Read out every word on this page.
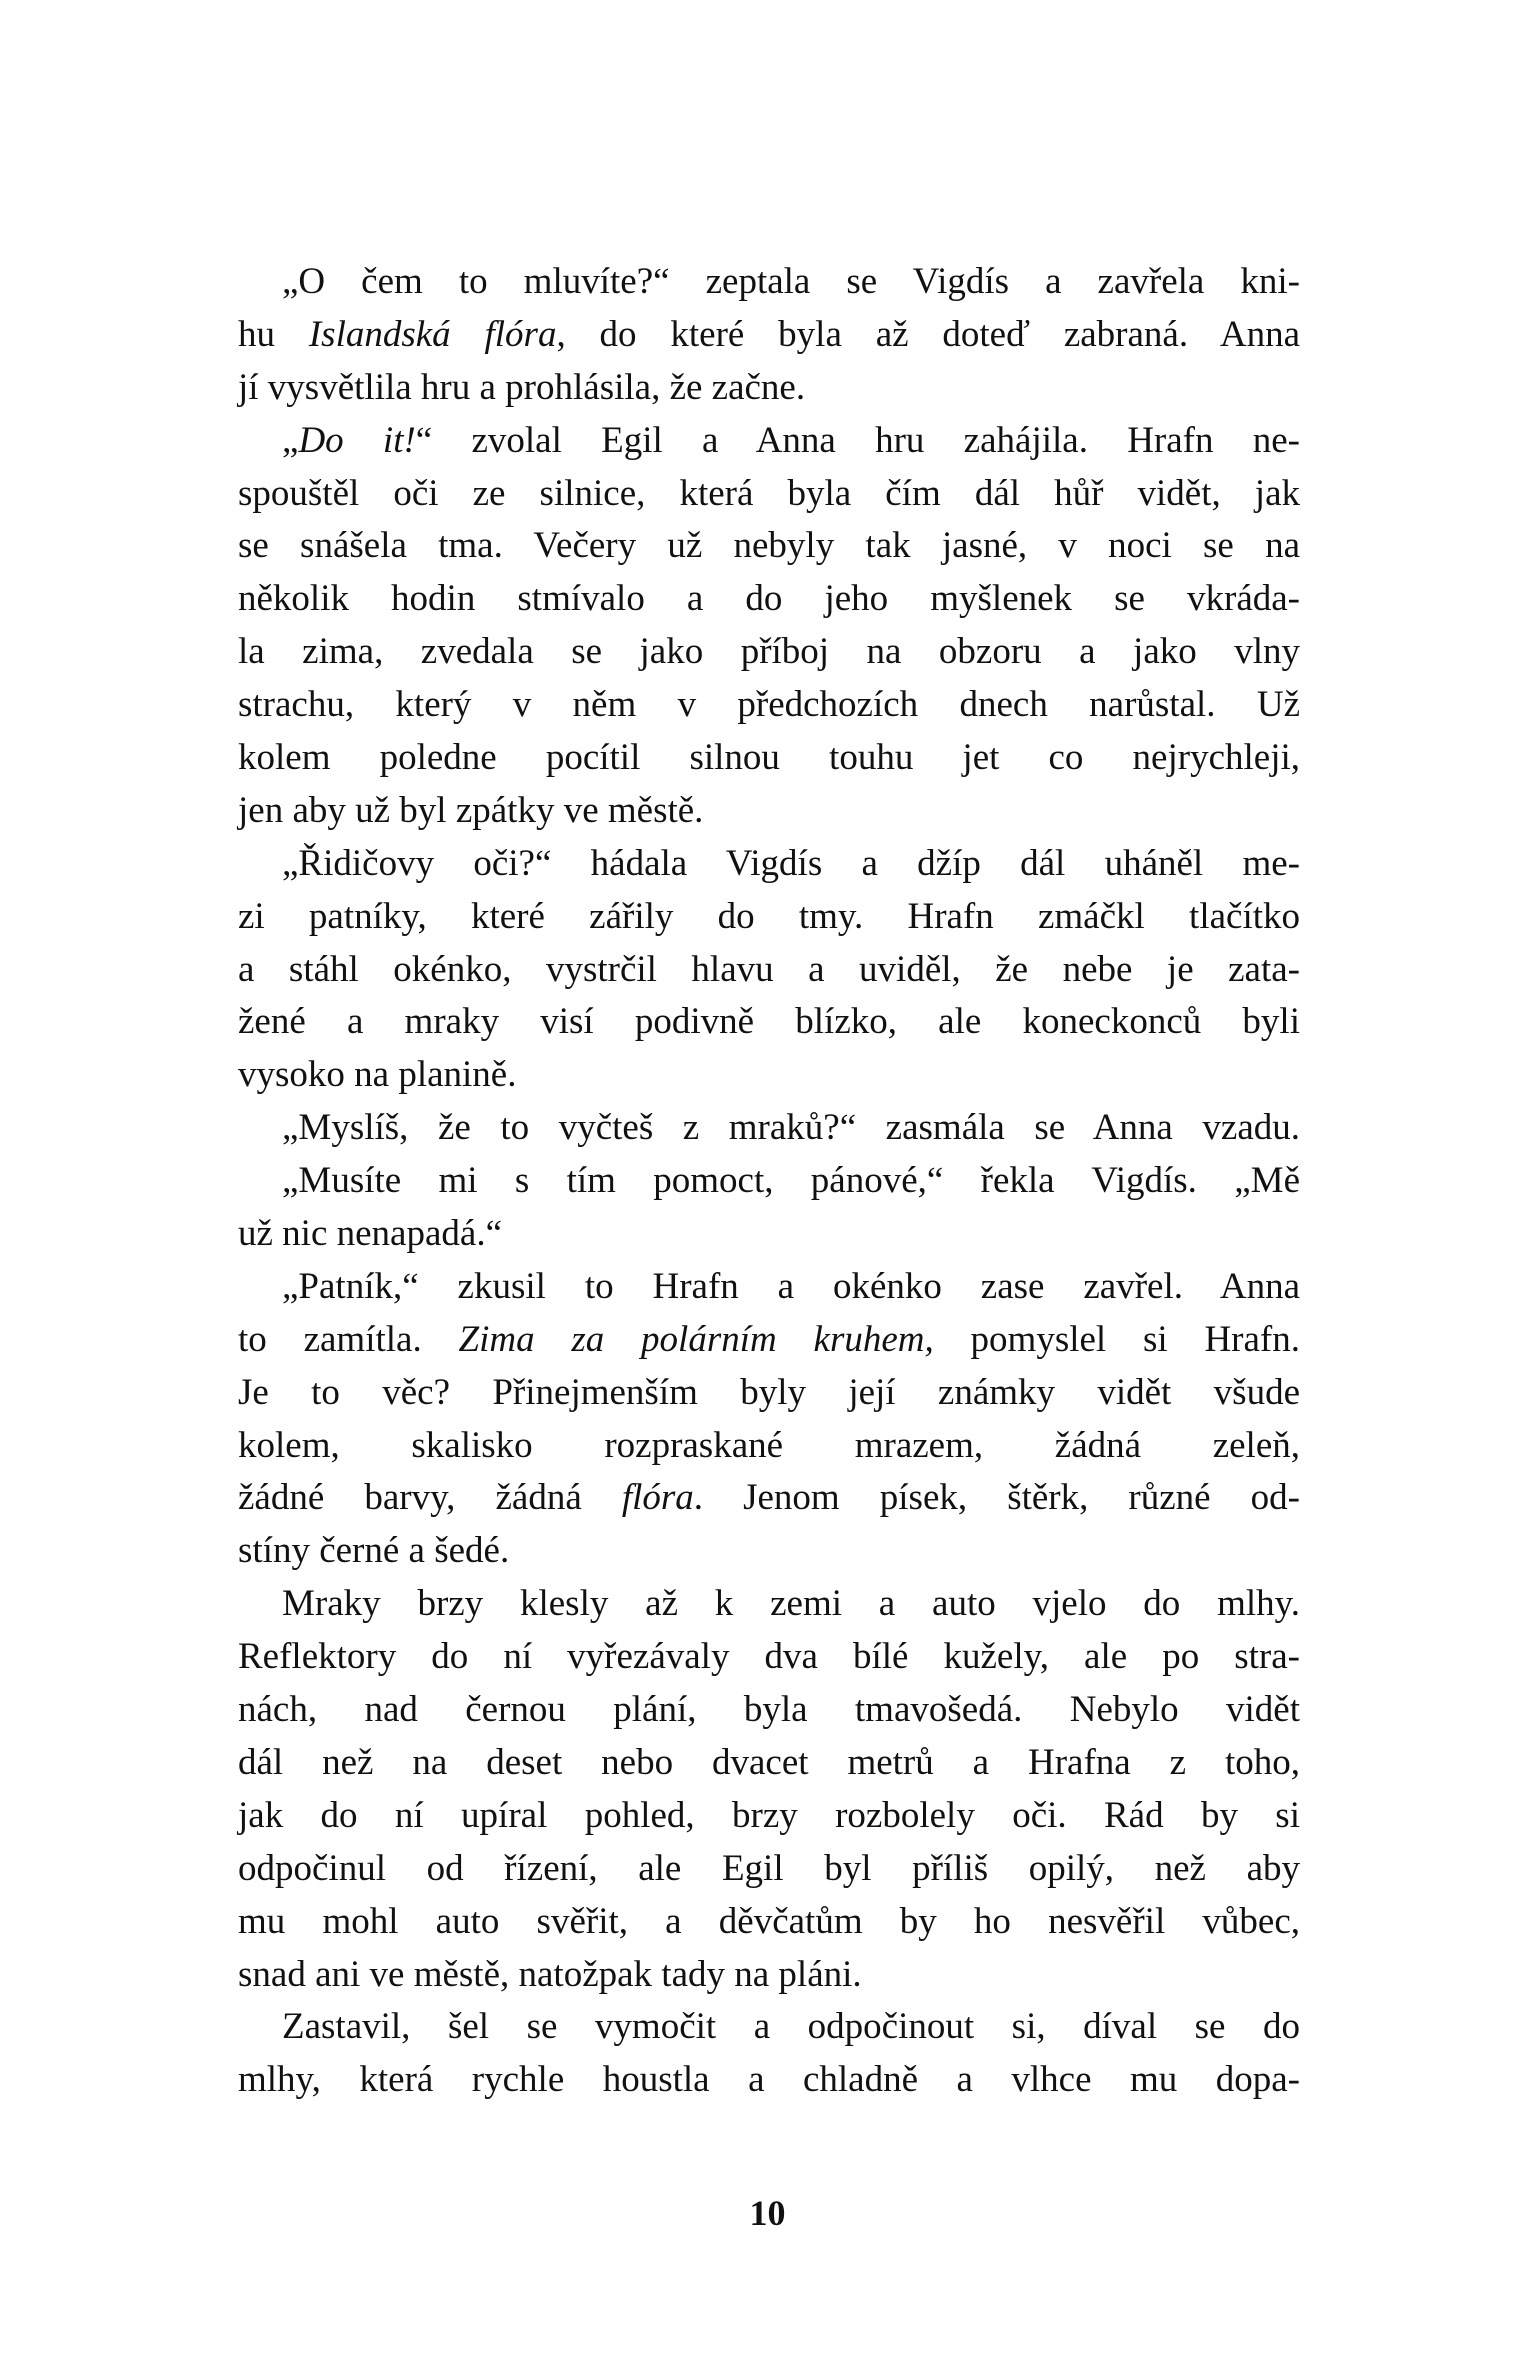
„O čem to mluvíte?“ zeptala se Vigdís a zavřela kni-
hu Islandská flóra, do které byla až doteď zabraná. Anna
jí vysvětlila hru a prohlásila, že začne.
„Do it!“ zvolal Egil a Anna hru zahájila. Hrafn ne-
spouštěl oči ze silnice, která byla čím dál hůř vidět, jak
se snášela tma. Večery už nebyly tak jasné, v noci se na
několik hodin stmívalo a do jeho myšlenek se vkráda-
la zima, zvedala se jako příboj na obzoru a jako vlny
strachu, který v něm v předchozích dnech narůstal. Už
kolem poledne pocítil silnou touhu jet co nejrychleji,
jen aby už byl zpátky ve městě.
„Řidičovy oči?“ hádala Vigdís a džíp dál uháněl me-
zi patníky, které zářily do tmy. Hrafn zmáčkl tlačítko
a stáhl okénko, vystrčil hlavu a uviděl, že nebe je zata-
žené a mraky visí podivně blízko, ale koneckonců byli
vysoko na planině.
„Myslíš, že to vyčteš z mraků?“ zasmála se Anna vzadu.
„Musíte mi s tím pomoct, pánové,“ řekla Vigdís. „Mě
už nic nenapadá.“
„Patník,“ zkusil to Hrafn a okénko zase zavřel. Anna
to zamítla. Zima za polárním kruhem, pomyslel si Hrafn.
Je to věc? Přinejmenším byly její známky vidět všude
kolem, skalisko rozpraskané mrazem, žádná zeleň,
žádné barvy, žádná flóra. Jenom písek, štěrk, různé od-
stíny černé a šedé.
Mraky brzy klesly až k zemi a auto vjelo do mlhy.
Reflektory do ní vyřezávaly dva bílé kužely, ale po stra-
nách, nad černou plání, byla tmavošedá. Nebylo vidět
dál než na deset nebo dvacet metrů a Hrafna z toho,
jak do ní upíral pohled, brzy rozbolely oči. Rád by si
odpočinul od řízení, ale Egil byl příliš opilý, než aby
mu mohl auto svěřit, a děvčatům by ho nesvěřil vůbec,
snad ani ve městě, natožpak tady na pláni.
Zastavil, šel se vymočit a odpočinout si, díval se do
mlhy, která rychle houstla a chladně a vlhce mu dopa-
10
